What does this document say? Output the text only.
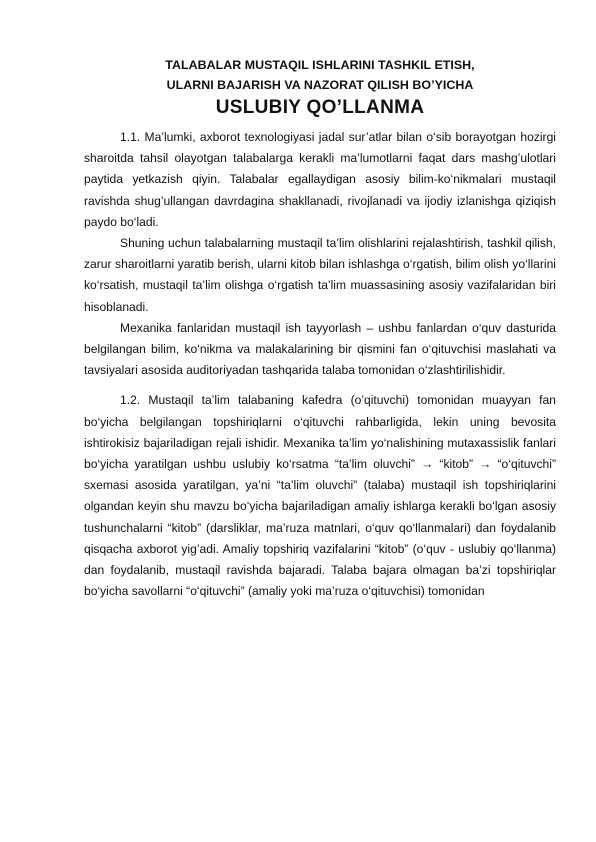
TALABALAR MUSTAQIL ISHLARINI TASHKIL ETISH,
ULARNI BAJARISH VA NAZORAT QILISH BO’YICHA
USLUBIY QO’LLANMA

1.1. Ma’lumki, axborot texnologiyasi jadal sur’atlar bilan o‘sib borayotgan hozirgi sharoitda tahsil olayotgan talabalarga kerakli ma’lumotlarni faqat dars mashg’ulotlari paytida yetkazish qiyin. Talabalar egallaydigan asosiy bilim-ko‘nikmalari mustaqil ravishda shug’ullangan davrdagina shakllanadi, rivojlanadi va ijodiy izlanishga qiziqish paydo bo‘ladi.

Shuning uchun talabalarning mustaqil ta’lim olishlarini rejalashtirish, tashkil qilish, zarur sharoitlarni yaratib berish, ularni kitob bilan ishlashga o‘rgatish, bilim olish yo‘llarini ko‘rsatish, mustaqil ta’lim olishga o‘rgatish ta’lim muassasining asosiy vazifalaridan biri hisoblanadi.

Mexanika fanlaridan mustaqil ish tayyorlash – ushbu fanlardan o‘quv dasturida belgilangan bilim, ko‘nikma va malakalarining bir qismini fan o‘qituvchisi maslahati va tavsiyalari asosida auditoriyadan tashqarida talaba tomonidan o‘zlashtirilishidir.

1.2. Mustaqil ta’lim talabaning kafedra (o’qituvchi) tomonidan muayyan fan bo‘yicha belgilangan topshiriqlarni o‘qituvchi rahbarligida, lekin uning bevosita ishtirokisiz bajariladigan rejali ishidir. Mexanika ta’lim yo‘nalishining mutaxassislik fanlari bo‘yicha yaratilgan ushbu uslubiy ko‘rsatma “ta’lim oluvchi” → “kitob” → “o‘qituvchi” sxemasi asosida yaratilgan, ya’ni “ta’lim oluvchi” (talaba) mustaqil ish topshiriqlarini olgandan keyin shu mavzu bo‘yicha bajariladigan amaliy ishlarga kerakli bo‘lgan asosiy tushunchalarni “kitob” (darsliklar, ma’ruza matnlari, o‘quv qo‘llanmalari) dan foydalanib qisqacha axborot yig’adi. Amaliy topshiriq vazifalarini “kitob” (o‘quv - uslubiy qo‘llanma) dan foydalanib, mustaqil ravishda bajaradi. Talaba bajara olmagan ba’zi topshiriqlar bo‘yicha savollarni “o‘qituvchi” (amaliy yoki ma’ruza o‘qituvchisi) tomonidan
